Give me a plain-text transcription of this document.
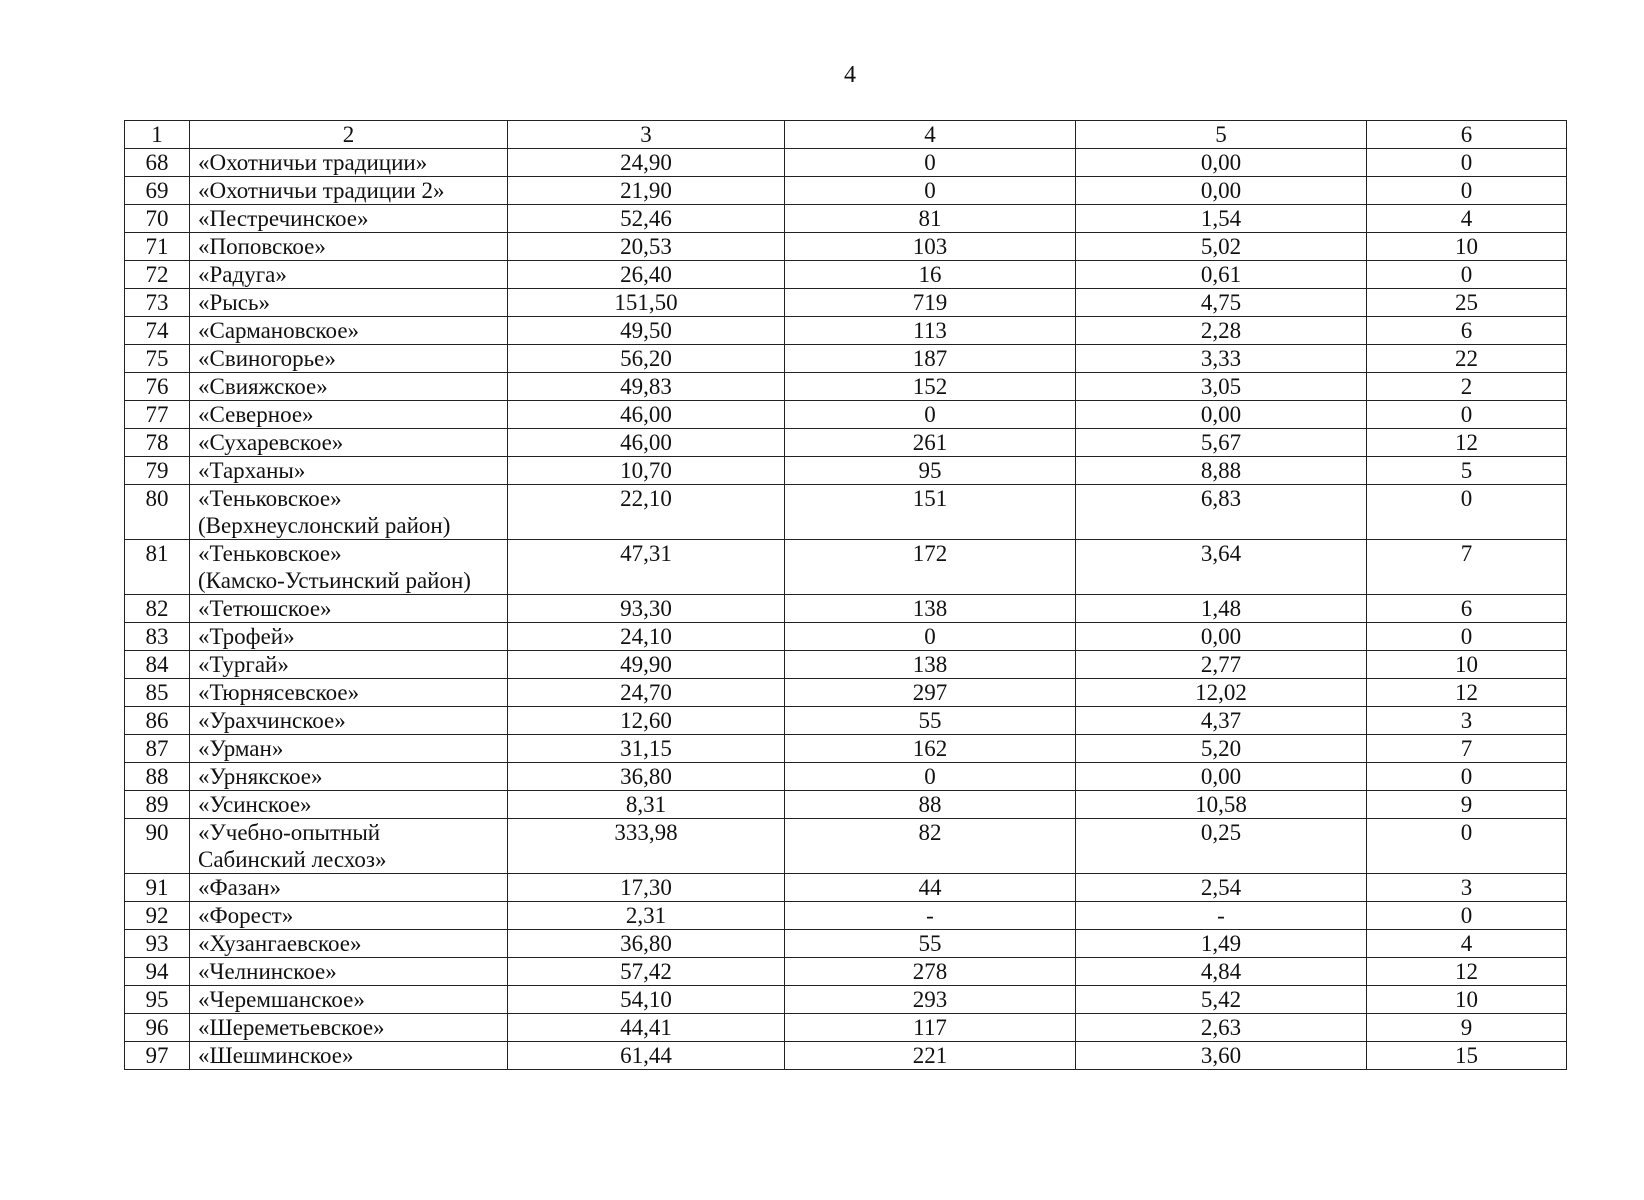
4
1	2	3	4	5	6
68	«Охотничьи традиции»	24,90	0	0,00	0
69	«Охотничьи традиции 2»	21,90	0	0,00	0
70	«Пестречинское»	52,46	81	1,54	4
71	«Поповское»	20,53	103	5,02	10
72	«Радуга»	26,40	16	0,61	0
73	«Рысь»	151,50	719	4,75	25
74	«Сармановское»	49,50	113	2,28	6
75	«Свиногорье»	56,20	187	3,33	22
76	«Свияжское»	49,83	152	3,05	2
77	«Северное»	46,00	0	0,00	0
78	«Сухаревское»	46,00	261	5,67	12
79	«Тарханы»	10,70	95	8,88	5
80	«Теньковское»
(Верхнеуслонский район)	22,10	151	6,83	0
81	«Теньковское»
(Камско-Устьинский район)	47,31	172	3,64	7
82	«Тетюшское»	93,30	138	1,48	6
83	«Трофей»	24,10	0	0,00	0
84	«Тургай»	49,90	138	2,77	10
85	«Тюрнясевское»	24,70	297	12,02	12
86	«Урахчинское»	12,60	55	4,37	3
87	«Урман»	31,15	162	5,20	7
88	«Урнякское»	36,80	0	0,00	0
89	«Усинское»	8,31	88	10,58	9
90	«Учебно-опытный
Сабинский лесхоз»	333,98	82	0,25	0
91	«Фазан»	17,30	44	2,54	3
92	«Форест»	2,31	-	-	0
93	«Хузангаевское»	36,80	55	1,49	4
94	«Челнинское»	57,42	278	4,84	12
95	«Черемшанское»	54,10	293	5,42	10
96	«Шереметьевское»	44,41	117	2,63	9
97	«Шешминское»	61,44	221	3,60	15
